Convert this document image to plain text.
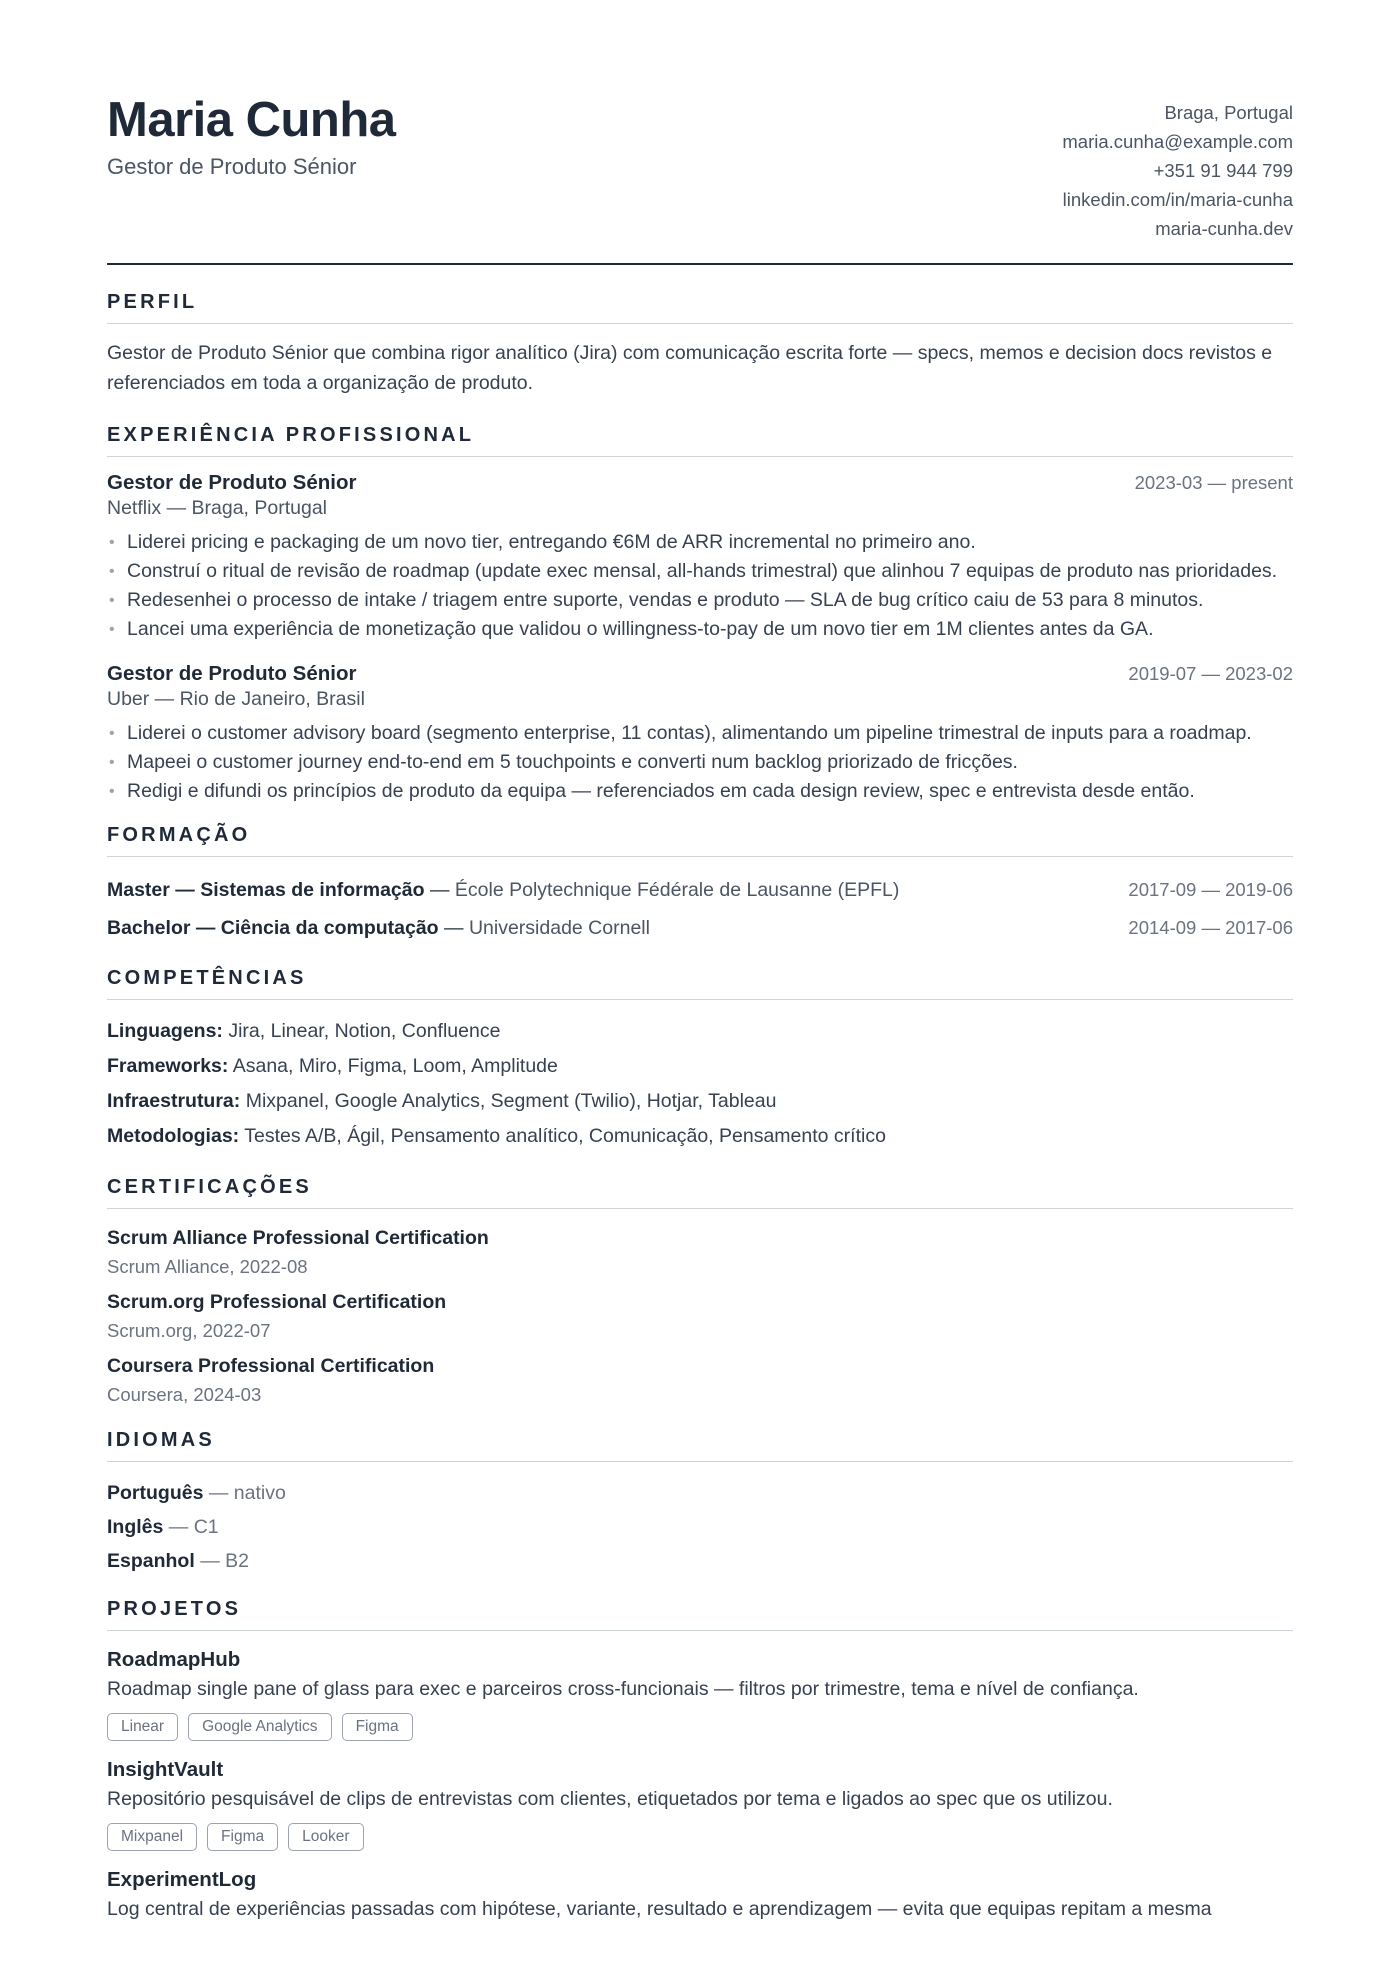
Maria Cunha
Gestor de Produto Sénior
Braga, Portugal
maria.cunha@example.com
+351 91 944 799
linkedin.com/in/maria-cunha
maria-cunha.dev
PERFIL

Gestor de Produto Sénior que combina rigor analítico (Jira) com comunicação escrita forte — specs, memos e decision docs revistos e referenciados em toda a organização de produto.

EXPERIÊNCIA PROFISSIONAL
Gestor de Produto Sénior	2023-03 — present
Netflix — Braga, Portugal
• Liderei pricing e packaging de um novo tier, entregando €6M de ARR incremental no primeiro ano.
• Construí o ritual de revisão de roadmap (update exec mensal, all-hands trimestral) que alinhou 7 equipas de produto nas prioridades.
• Redesenhei o processo de intake / triagem entre suporte, vendas e produto — SLA de bug crítico caiu de 53 para 8 minutos.
• Lancei uma experiência de monetização que validou o willingness-to-pay de um novo tier em 1M clientes antes da GA.
Gestor de Produto Sénior	2019-07 — 2023-02
Uber — Rio de Janeiro, Brasil
• Liderei o customer advisory board (segmento enterprise, 11 contas), alimentando um pipeline trimestral de inputs para a roadmap.
• Mapeei o customer journey end-to-end em 5 touchpoints e converti num backlog priorizado de fricções.
• Redigi e difundi os princípios de produto da equipa — referenciados em cada design review, spec e entrevista desde então.
FORMAÇÃO
Master — Sistemas de informação — École Polytechnique Fédérale de Lausanne (EPFL)	2017-09 — 2019-06
Bachelor — Ciência da computação — Universidade Cornell	2014-09 — 2017-06
COMPETÊNCIAS
Linguagens: Jira, Linear, Notion, Confluence
Frameworks: Asana, Miro, Figma, Loom, Amplitude
Infraestrutura: Mixpanel, Google Analytics, Segment (Twilio), Hotjar, Tableau
Metodologias: Testes A/B, Ágil, Pensamento analítico, Comunicação, Pensamento crítico
CERTIFICAÇÕES
Scrum Alliance Professional Certification
Scrum Alliance, 2022-08
Scrum.org Professional Certification
Scrum.org, 2022-07
Coursera Professional Certification
Coursera, 2024-03
IDIOMAS
Português — nativo
Inglês — C1
Espanhol — B2
PROJETOS
RoadmapHub
Roadmap single pane of glass para exec e parceiros cross-funcionais — filtros por trimestre, tema e nível de confiança.
Linear	Google Analytics	Figma
InsightVault
Repositório pesquisável de clips de entrevistas com clientes, etiquetados por tema e ligados ao spec que os utilizou.
Mixpanel	Figma	Looker
ExperimentLog
Log central de experiências passadas com hipótese, variante, resultado e aprendizagem — evita que equipas repitam a mesma
